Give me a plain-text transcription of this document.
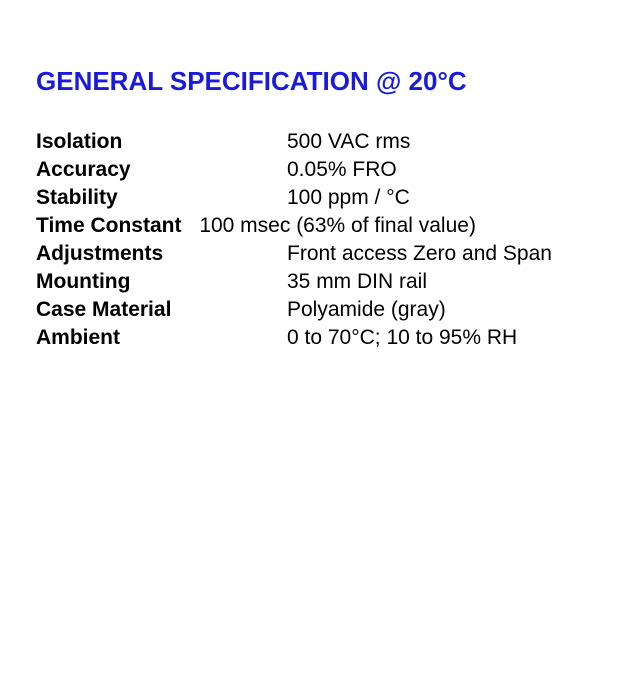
GENERAL SPECIFICATION @ 20°C
Isolation	500 VAC rms
Accuracy	0.05% FRO
Stability	100 ppm / °C
Time Constant 100 msec (63% of final value)
Adjustments	Front access Zero and Span
Mounting	35 mm DIN rail
Case Material	Polyamide (gray)
Ambient	0 to 70°C; 10 to 95% RH
